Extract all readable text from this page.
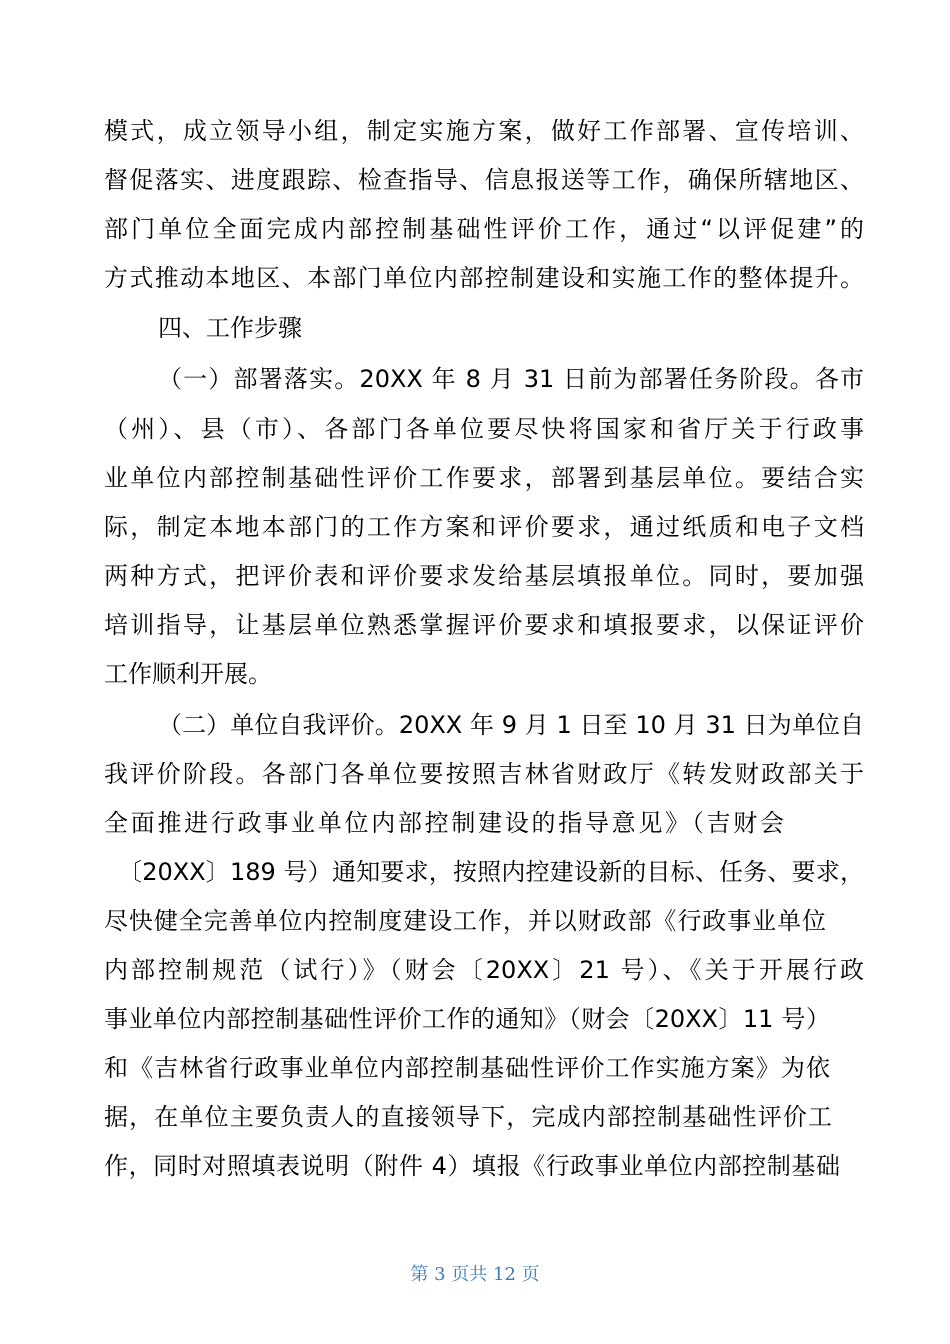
模式，成立领导小组，制定实施方案，做好工作部署、宣传培训、
督促落实、进度跟踪、检查指导、信息报送等工作，确保所辖地区、
部门单位全面完成内部控制基础性评价工作，通过“以评促建”的
方式推动本地区、本部门单位内部控制建设和实施工作的整体提升。
四、工作步骤
（一）部署落实。20XX 年 8 月 31 日前为部署任务阶段。各市
（州）、县（市）、各部门各单位要尽快将国家和省厅关于行政事
业单位内部控制基础性评价工作要求，部署到基层单位。要结合实
际，制定本地本部门的工作方案和评价要求，通过纸质和电子文档
两种方式，把评价表和评价要求发给基层填报单位。同时，要加强
培训指导，让基层单位熟悉掌握评价要求和填报要求，以保证评价
工作顺利开展。
（二）单位自我评价。20XX 年 9 月 1 日至 10 月 31 日为单位自
我评价阶段。各部门各单位要按照吉林省财政厅《转发财政部关于
全面推进行政事业单位内部控制建设的指导意见》（吉财会
〔20XX〕189 号）通知要求，按照内控建设新的目标、任务、要求，
尽快健全完善单位内控制度建设工作，并以财政部《行政事业单位
内部控制规范（试行）》（财会〔20XX〕21 号）、《关于开展行政
事业单位内部控制基础性评价工作的通知》（财会〔20XX〕11 号）
和《吉林省行政事业单位内部控制基础性评价工作实施方案》为依
据，在单位主要负责人的直接领导下，完成内部控制基础性评价工
作，同时对照填表说明（附件 4）填报《行政事业单位内部控制基础
第 3 页共 12 页
